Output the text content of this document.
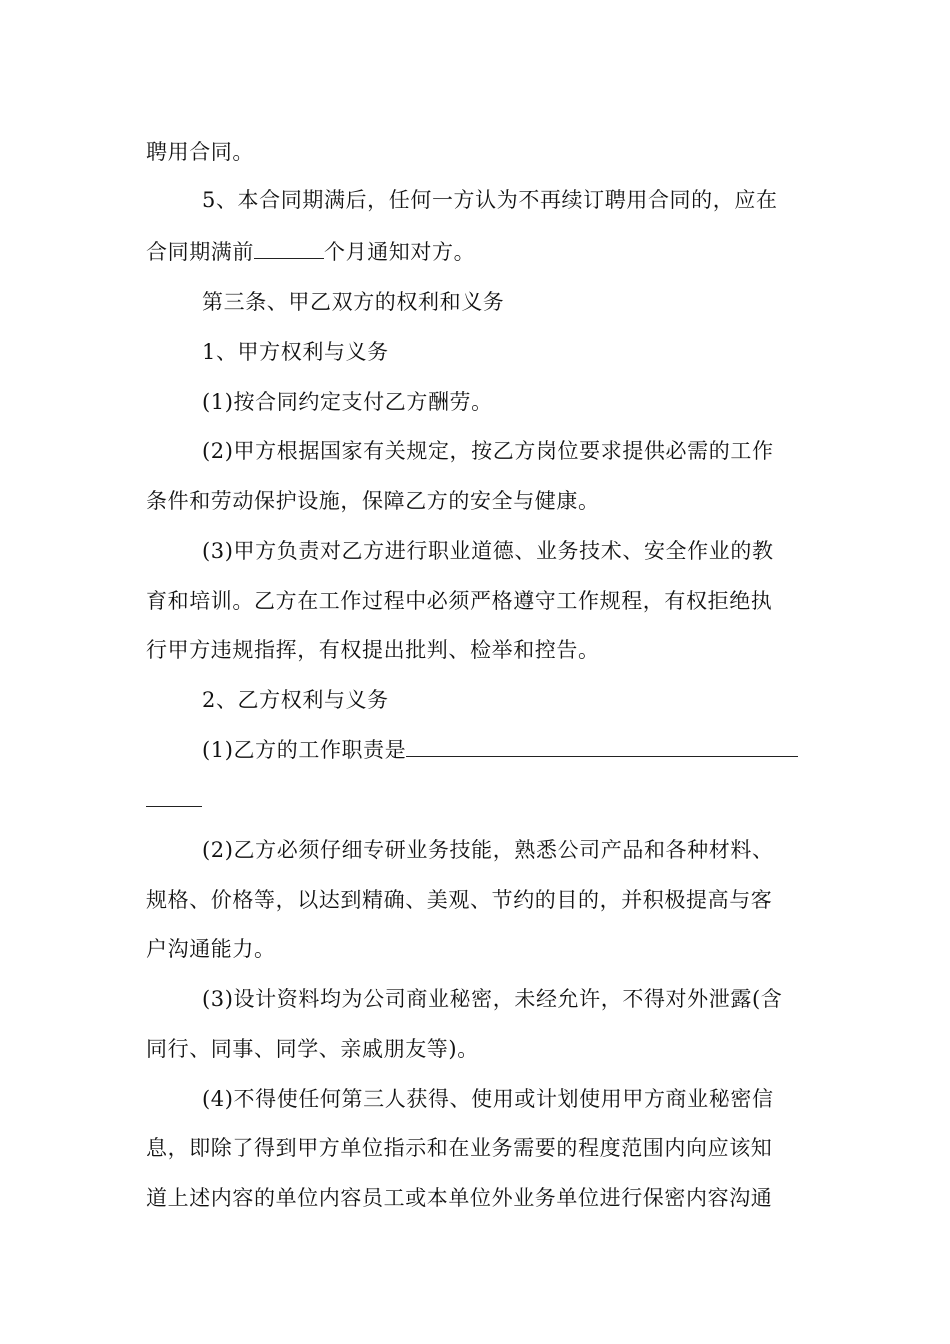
聘用合同。
5、本合同期满后，任何一方认为不再续订聘用合同的，应在
合同期满前	个月通知对方。
第三条、甲乙双方的权利和义务
1、甲方权利与义务
(1)按合同约定支付乙方酬劳。
(2)甲方根据国家有关规定，按乙方岗位要求提供必需的工作
条件和劳动保护设施，保障乙方的安全与健康。
(3)甲方负责对乙方进行职业道德、业务技术、安全作业的教
育和培训。乙方在工作过程中必须严格遵守工作规程，有权拒绝执
行甲方违规指挥，有权提出批判、检举和控告。
2、乙方权利与义务
(1)乙方的工作职责是
(2)乙方必须仔细专研业务技能，熟悉公司产品和各种材料、
规格、价格等，以达到精确、美观、节约的目的，并积极提高与客
户沟通能力。
(3)设计资料均为公司商业秘密，未经允许，不得对外泄露(含
同行、同事、同学、亲戚朋友等)。
(4)不得使任何第三人获得、使用或计划使用甲方商业秘密信
息，即除了得到甲方单位指示和在业务需要的程度范围内向应该知
道上述内容的单位内容员工或本单位外业务单位进行保密内容沟通
